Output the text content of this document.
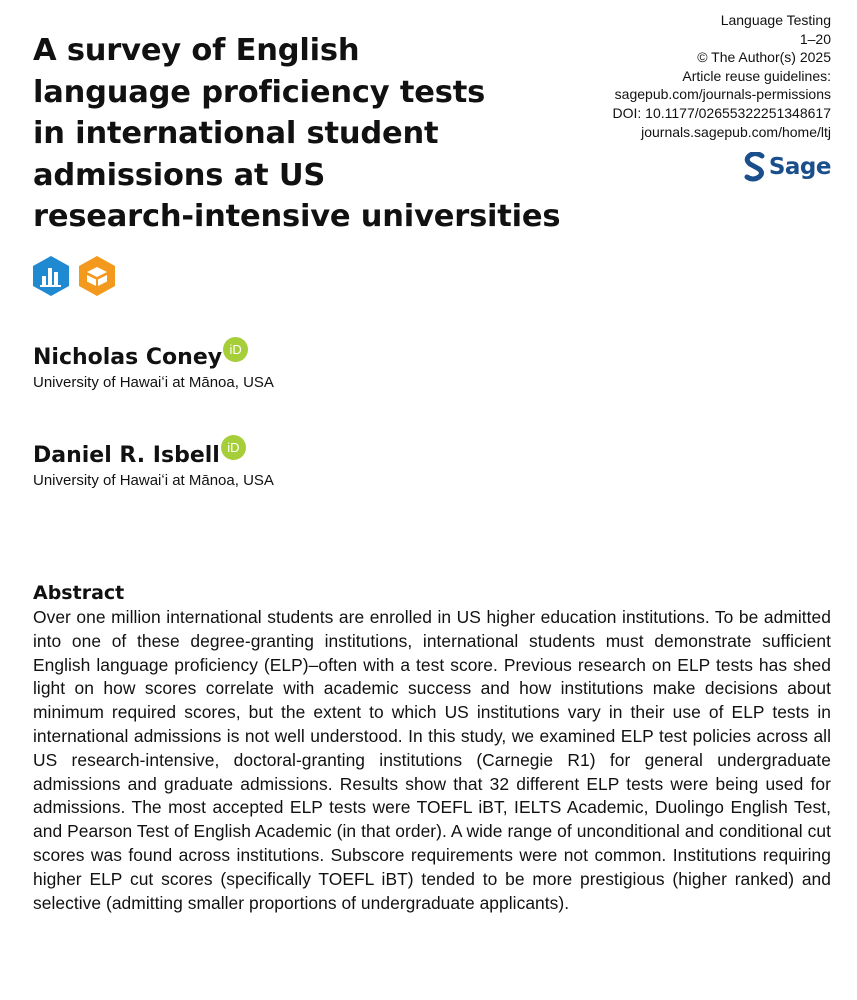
A survey of English
language proficiency tests
in international student
admissions at US
research-intensive universities
Language Testing
1–20
© The Author(s) 2025
Article reuse guidelines:
sagepub.com/journals-permissions
DOI: 10.1177/02655322251348617
journals.sagepub.com/home/ltj
Sage
Nicholas Coney iD
University of Hawaiʻi at Mānoa, USA
Daniel R. Isbell iD
University of Hawaiʻi at Mānoa, USA
Abstract

Over one million international students are enrolled in US higher education institutions. To be admitted into one of these degree-granting institutions, international students must demonstrate sufficient English language proficiency (ELP)–often with a test score. Previous research on ELP tests has shed light on how scores correlate with academic success and how institutions make decisions about minimum required scores, but the extent to which US institutions vary in their use of ELP tests in international admissions is not well understood. In this study, we examined ELP test policies across all US research-intensive, doctoral-granting institutions (Carnegie R1) for general undergraduate admissions and graduate admissions. Results show that 32 different ELP tests were being used for admissions. The most accepted ELP tests were TOEFL iBT, IELTS Academic, Duolingo English Test, and Pearson Test of English Academic (in that order). A wide range of unconditional and conditional cut scores was found across institutions. Subscore requirements were not common. Institutions requiring higher ELP cut scores (specifically TOEFL iBT) tended to be more prestigious (higher ranked) and selective (admitting smaller proportions of undergraduate applicants).
